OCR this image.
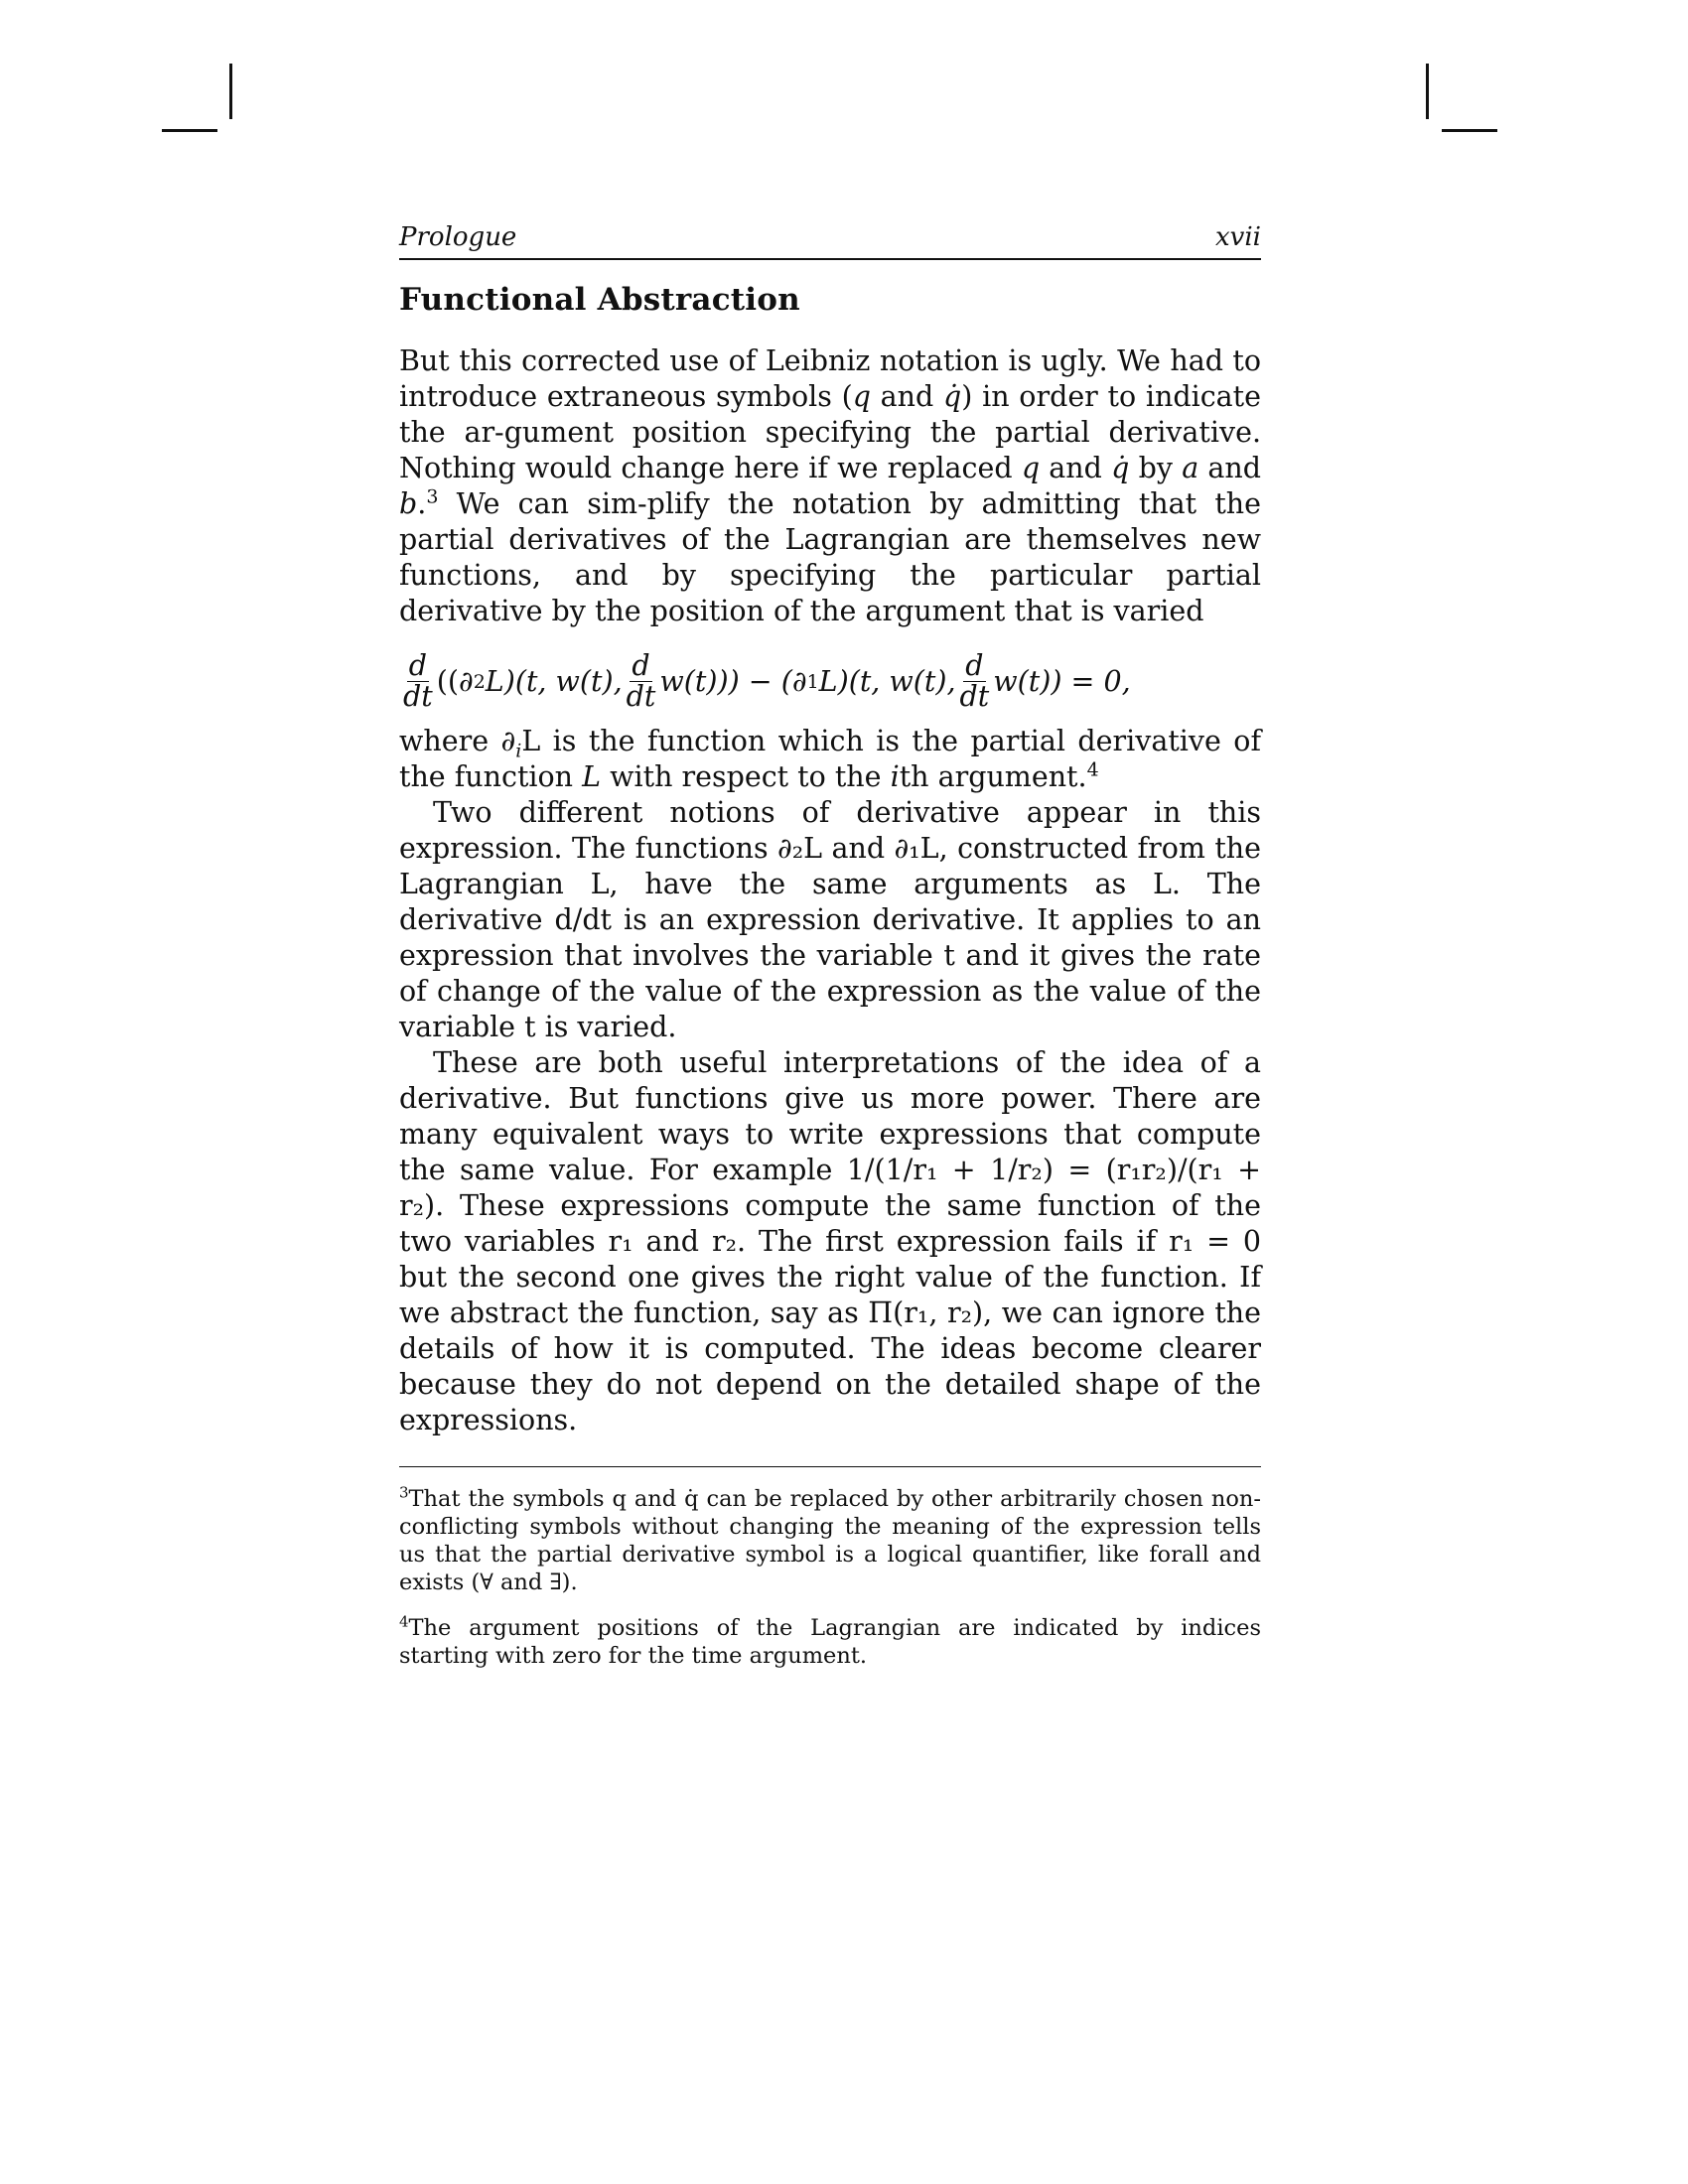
Prologue	xvii
Functional Abstraction

But this corrected use of Leibniz notation is ugly. We had to introduce extraneous symbols (q and q̇) in order to indicate the ar-gument position specifying the partial derivative. Nothing would change here if we replaced q and q̇ by a and b.$^3$ We can sim-plify the notation by admitting that the partial derivatives of the Lagrangian are themselves new functions, and by specifying the particular partial derivative by the position of the argument that is varied

$\frac{d}{dt}$ ((∂ 2 L)(t, w(t), $\frac{d}{dt} w(t)$)) − (∂ 1 L)(t, w(t), $\frac{d}{dt} w(t)) = 0$,

where $\partial_iL$ is the function which is the partial derivative of the function L with respect to the ith argument.$^4$

Two different notions of derivative appear in this expression. The functions ∂₂L and ∂₁L, constructed from the Lagrangian L, have the same arguments as L. The derivative d/dt is an expression derivative. It applies to an expression that involves the variable t and it gives the rate of change of the value of the expression as the value of the variable t is varied.

These are both useful interpretations of the idea of a derivative. But functions give us more power. There are many equivalent ways to write expressions that compute the same value. For example 1/(1/r₁ + 1/r₂) = (r₁r₂)/(r₁ + r₂). These expressions compute the same function of the two variables r₁ and r₂. The first expression fails if r₁ = 0 but the second one gives the right value of the function. If we abstract the function, say as Π(r₁, r₂), we can ignore the details of how it is computed. The ideas become clearer because they do not depend on the detailed shape of the expressions.

$^3$That the symbols q and q̇ can be replaced by other arbitrarily chosen non-conflicting symbols without changing the meaning of the expression tells us that the partial derivative symbol is a logical quantifier, like forall and exists (∀ and ∃).

$^4$The argument positions of the Lagrangian are indicated by indices starting with zero for the time argument.
